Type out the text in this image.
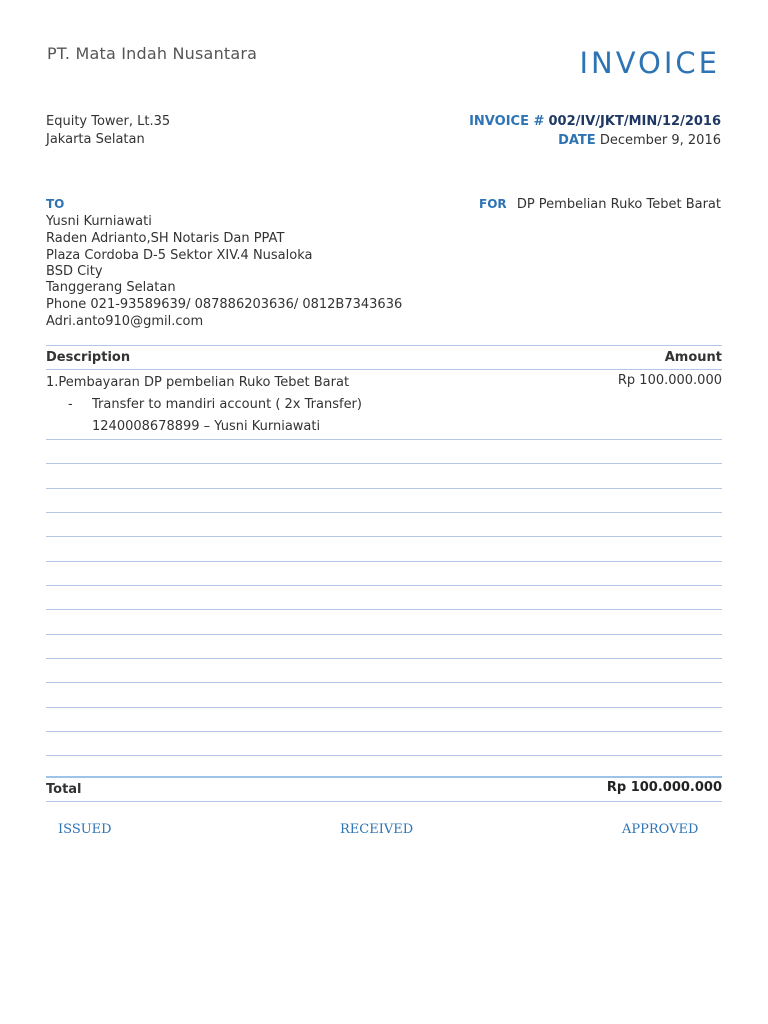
PT. Mata Indah Nusantara	INVOICE
Equity Tower, Lt.35
Jakarta Selatan
INVOICE # 002/IV/JKT/MIN/12/2016
DATE December 9, 2016
TO
Yusni Kurniawati
Raden Adrianto,SH Notaris Dan PPAT
Plaza Cordoba D-5 Sektor XIV.4 Nusaloka
BSD City
Tanggerang Selatan
Phone 021-93589639/ 087886203636/ 0812B7343636
Adri.anto910@gmil.com
FOR DP Pembelian Ruko Tebet Barat
Description	Amount
1.Pembayaran DP pembelian Ruko Tebet Barat	Rp 100.000.000
- Transfer to mandiri account ( 2x Transfer)
1240008678899 – Yusni Kurniawati
Total	Rp 100.000.000
ISSUED	RECEIVED	APPROVED
